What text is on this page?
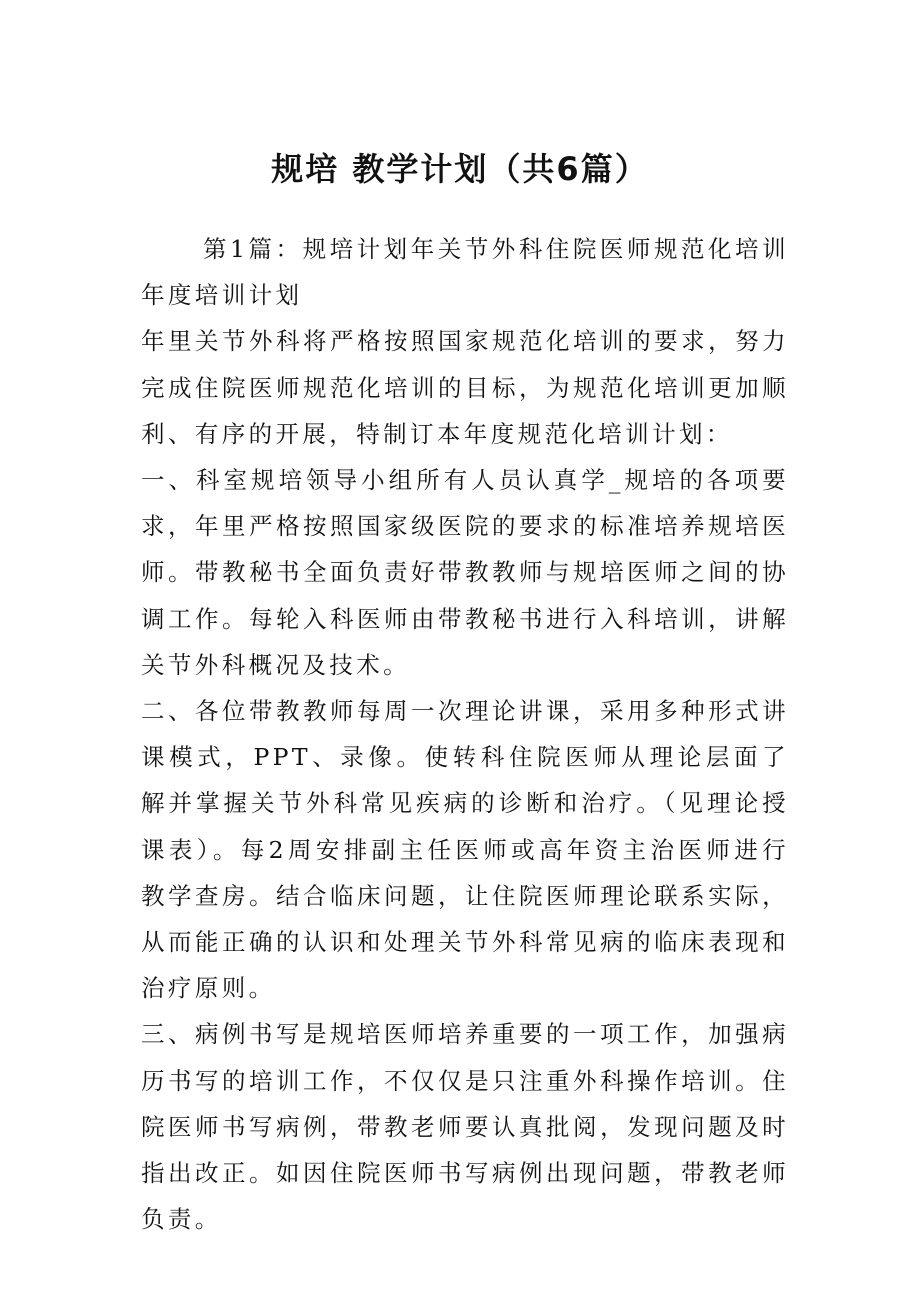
规培 教学计划（共6篇）

第1篇：规培计划年关节外科住院医师规范化培训年度培训计划

年里关节外科将严格按照国家规范化培训的要求，努力完成住院医师规范化培训的目标，为规范化培训更加顺利、有序的开展，特制订本年度规范化培训计划：

一、科室规培领导小组所有人员认真学_规培的各项要求，年里严格按照国家级医院的要求的标准培养规培医师。带教秘书全面负责好带教教师与规培医师之间的协调工作。每轮入科医师由带教秘书进行入科培训，讲解关节外科概况及技术。

二、各位带教教师每周一次理论讲课，采用多种形式讲课模式，PPT、录像。使转科住院医师从理论层面了解并掌握关节外科常见疾病的诊断和治疗。（见理论授课表）。每2周安排副主任医师或高年资主治医师进行教学查房。结合临床问题，让住院医师理论联系实际，从而能正确的认识和处理关节外科常见病的临床表现和治疗原则。

三、病例书写是规培医师培养重要的一项工作，加强病历书写的培训工作，不仅仅是只注重外科操作培训。住院医师书写病例，带教老师要认真批阅，发现问题及时指出改正。如因住院医师书写病例出现问题，带教老师负责。
